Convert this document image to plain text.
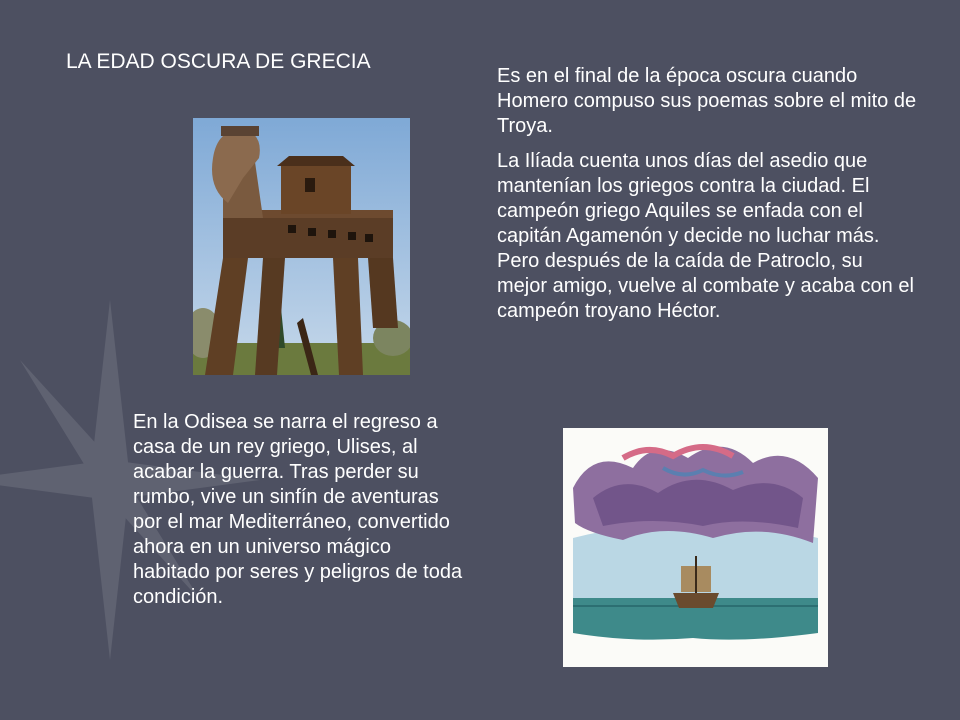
LA EDAD OSCURA DE GRECIA

Es en el final de la época oscura cuando Homero compuso sus poemas sobre el mito de Troya.

La Ilíada cuenta unos días del asedio que mantenían los griegos contra la ciudad. El campeón griego Aquiles se enfada con el capitán Agamenón y decide no luchar más. Pero después de la caída de Patroclo, su mejor amigo, vuelve al combate y acaba con el campeón troyano Héctor.

En la Odisea se narra el regreso a casa de un rey griego, Ulises, al acabar la guerra. Tras perder su rumbo, vive un sinfín de aventuras por el mar Mediterráneo, convertido ahora en un universo mágico habitado por seres y peligros de toda condición.
